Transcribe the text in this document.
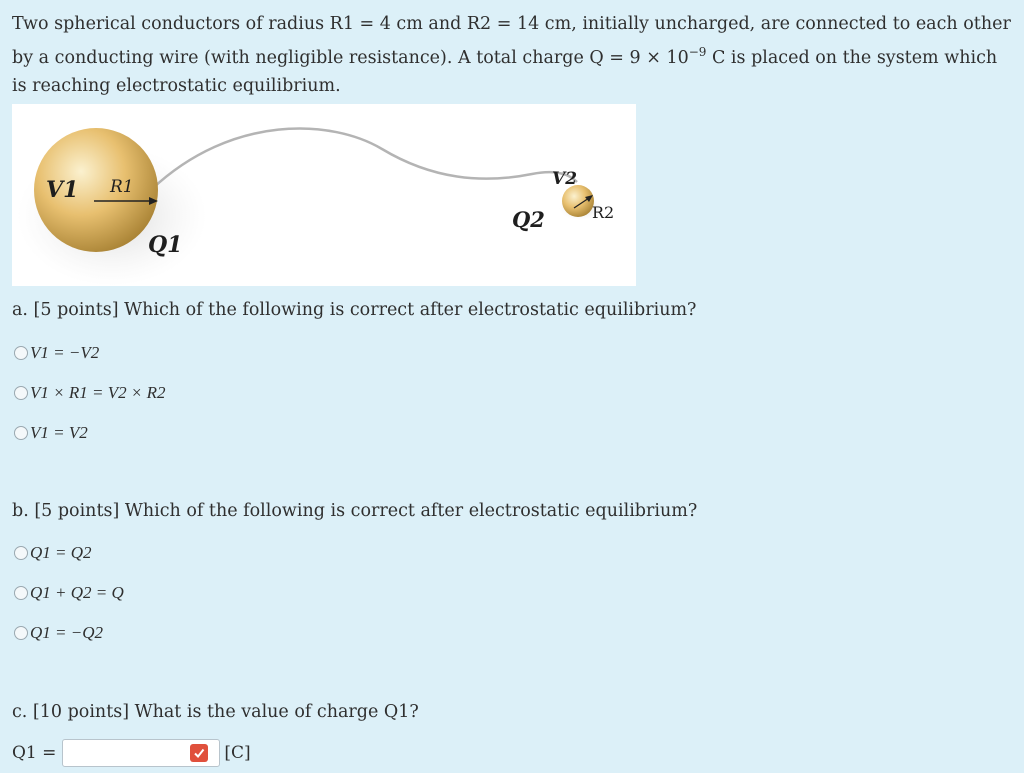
Two spherical conductors of radius R1 = 4 cm and R2 = 14 cm, initially uncharged, are connected to each other by a conducting wire (with negligible resistance). A total charge $Q = 9 \times 10^{-9}$ C is placed on the system which is reaching electrostatic equilibrium.
V1 R1
Q1
V2
Q2	R2
a. [5 points] Which of the following is correct after electrostatic equilibrium?
V1 = −V2
V1 × R1 = V2 × R2
V1 = V2
b. [5 points] Which of the following is correct after electrostatic equilibrium?
Q1 = Q2
Q1 + Q2 = Q
Q1 = −Q2
c. [10 points] What is the value of charge Q1?
Q1 =	[C]
